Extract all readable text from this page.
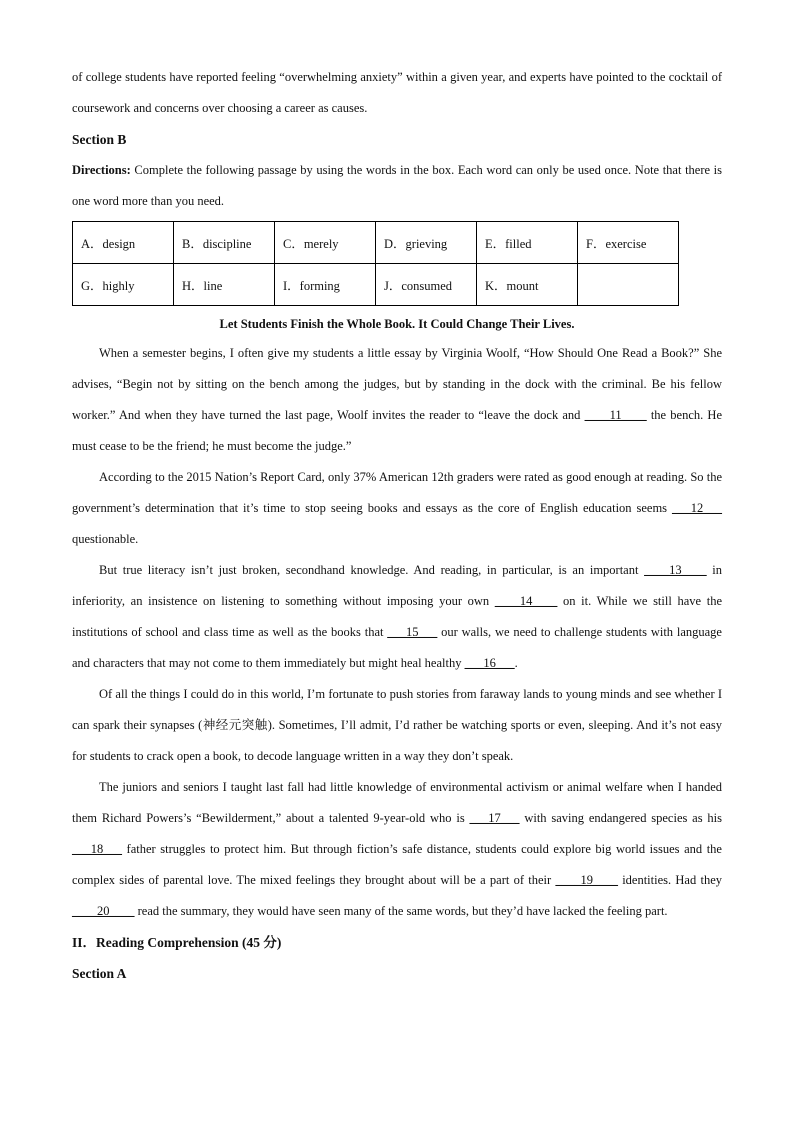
of college students have reported feeling “overwhelming anxiety” within a given year, and experts have pointed to the cocktail of coursework and concerns over choosing a career as causes.

Section B

Directions: Complete the following passage by using the words in the box. Each word can only be used once. Note that there is one word more than you need.

A．design	B．discipline	C．merely	D．grieving	E．filled	F．exercise
G．highly	H．line	I．forming	J．consumed	K．mount	
Let Students Finish the Whole Book. It Could Change Their Lives.

When a semester begins, I often give my students a little essay by Virginia Woolf, “How Should One Read a Book?” She advises, “Begin not by sitting on the bench among the judges, but by standing in the dock with the criminal. Be his fellow worker.” And when they have turned the last page, Woolf invites the reader to “leave the dock and ____11____ the bench. He must cease to be the friend; he must become the judge.”

According to the 2015 Nation’s Report Card, only 37% American 12th graders were rated as good enough at reading. So the government’s determination that it’s time to stop seeing books and essays as the core of English education seems ___12___ questionable.

But true literacy isn’t just broken, secondhand knowledge. And reading, in particular, is an important ____13____ in inferiority, an insistence on listening to something without imposing your own ____14____ on it. While we still have the institutions of school and class time as well as the books that ___15___ our walls, we need to challenge students with language and characters that may not come to them immediately but might heal healthy ___16___.

Of all the things I could do in this world, I’m fortunate to push stories from faraway lands to young minds and see whether I can spark their synapses (神经元突触). Sometimes, I’ll admit, I’d rather be watching sports or even, sleeping. And it’s not easy for students to crack open a book, to decode language written in a way they don’t speak.

The juniors and seniors I taught last fall had little knowledge of environmental activism or animal welfare when I handed them Richard Powers’s “Bewilderment,” about a talented 9-year-old who is ___17___ with saving endangered species as his ___18___ father struggles to protect him. But through fiction’s safe distance, students could explore big world issues and the complex sides of parental love. The mixed feelings they brought about will be a part of their ____19____ identities. Had they ____20____ read the summary, they would have seen many of the same words, but they’d have lacked the feeling part.

II．Reading Comprehension (45 分)
Section A
